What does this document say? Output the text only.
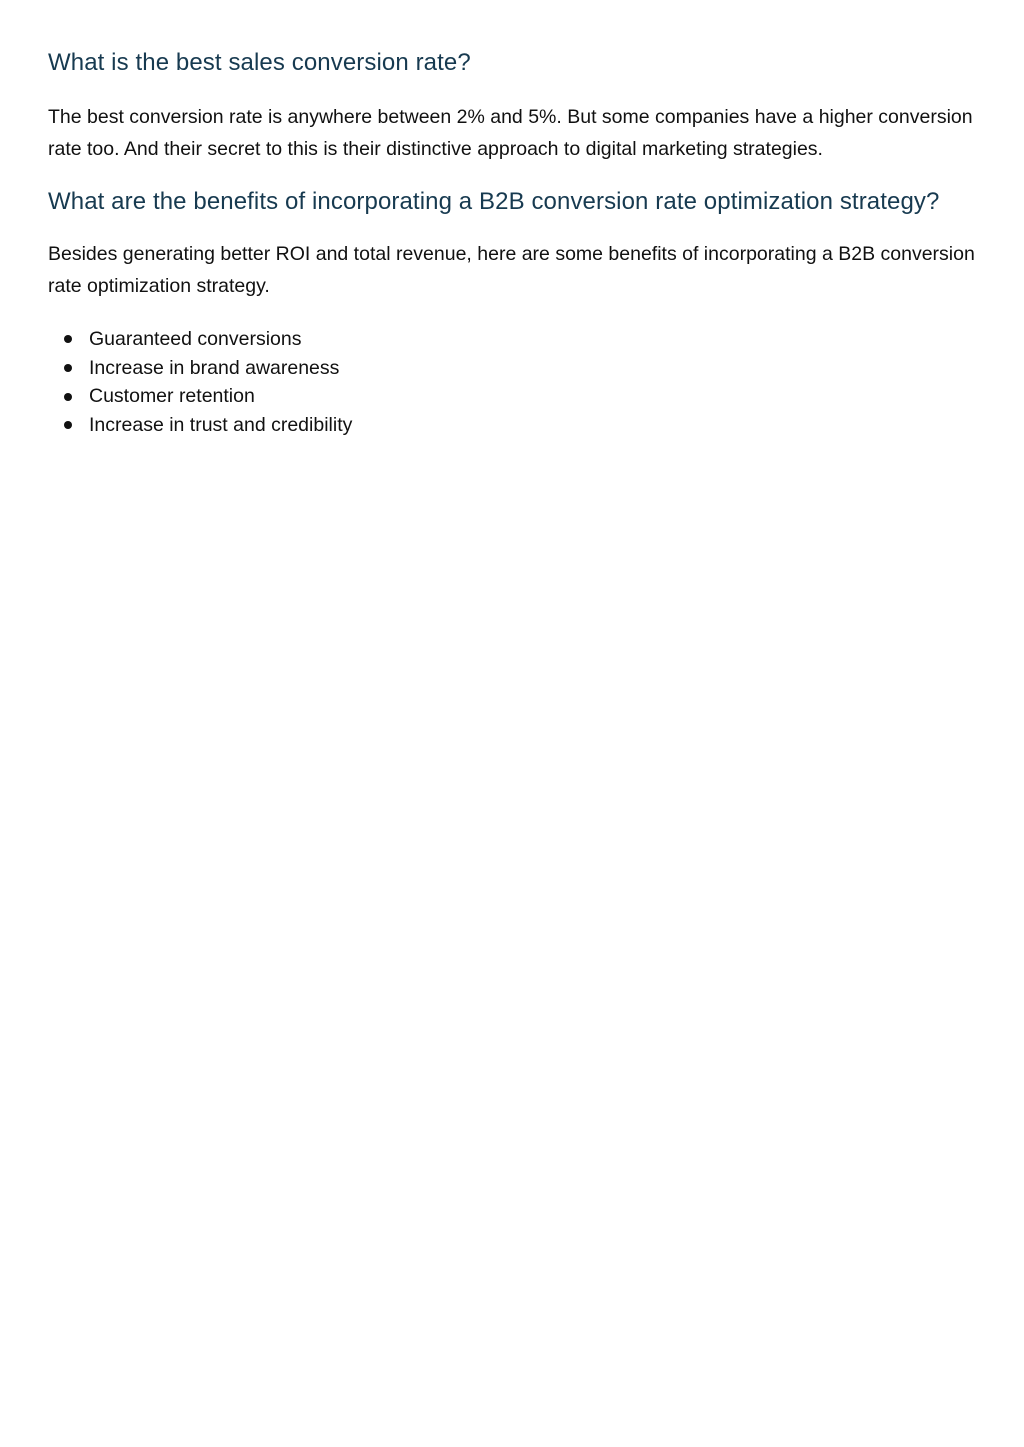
What is the best sales conversion rate?

The best conversion rate is anywhere between 2% and 5%. But some companies have a higher conversion rate too. And their secret to this is their distinctive approach to digital marketing strategies.

What are the benefits of incorporating a B2B conversion rate optimization strategy?

Besides generating better ROI and total revenue, here are some benefits of incorporating a B2B conversion rate optimization strategy.

Guaranteed conversions
Increase in brand awareness
Customer retention
Increase in trust and credibility
